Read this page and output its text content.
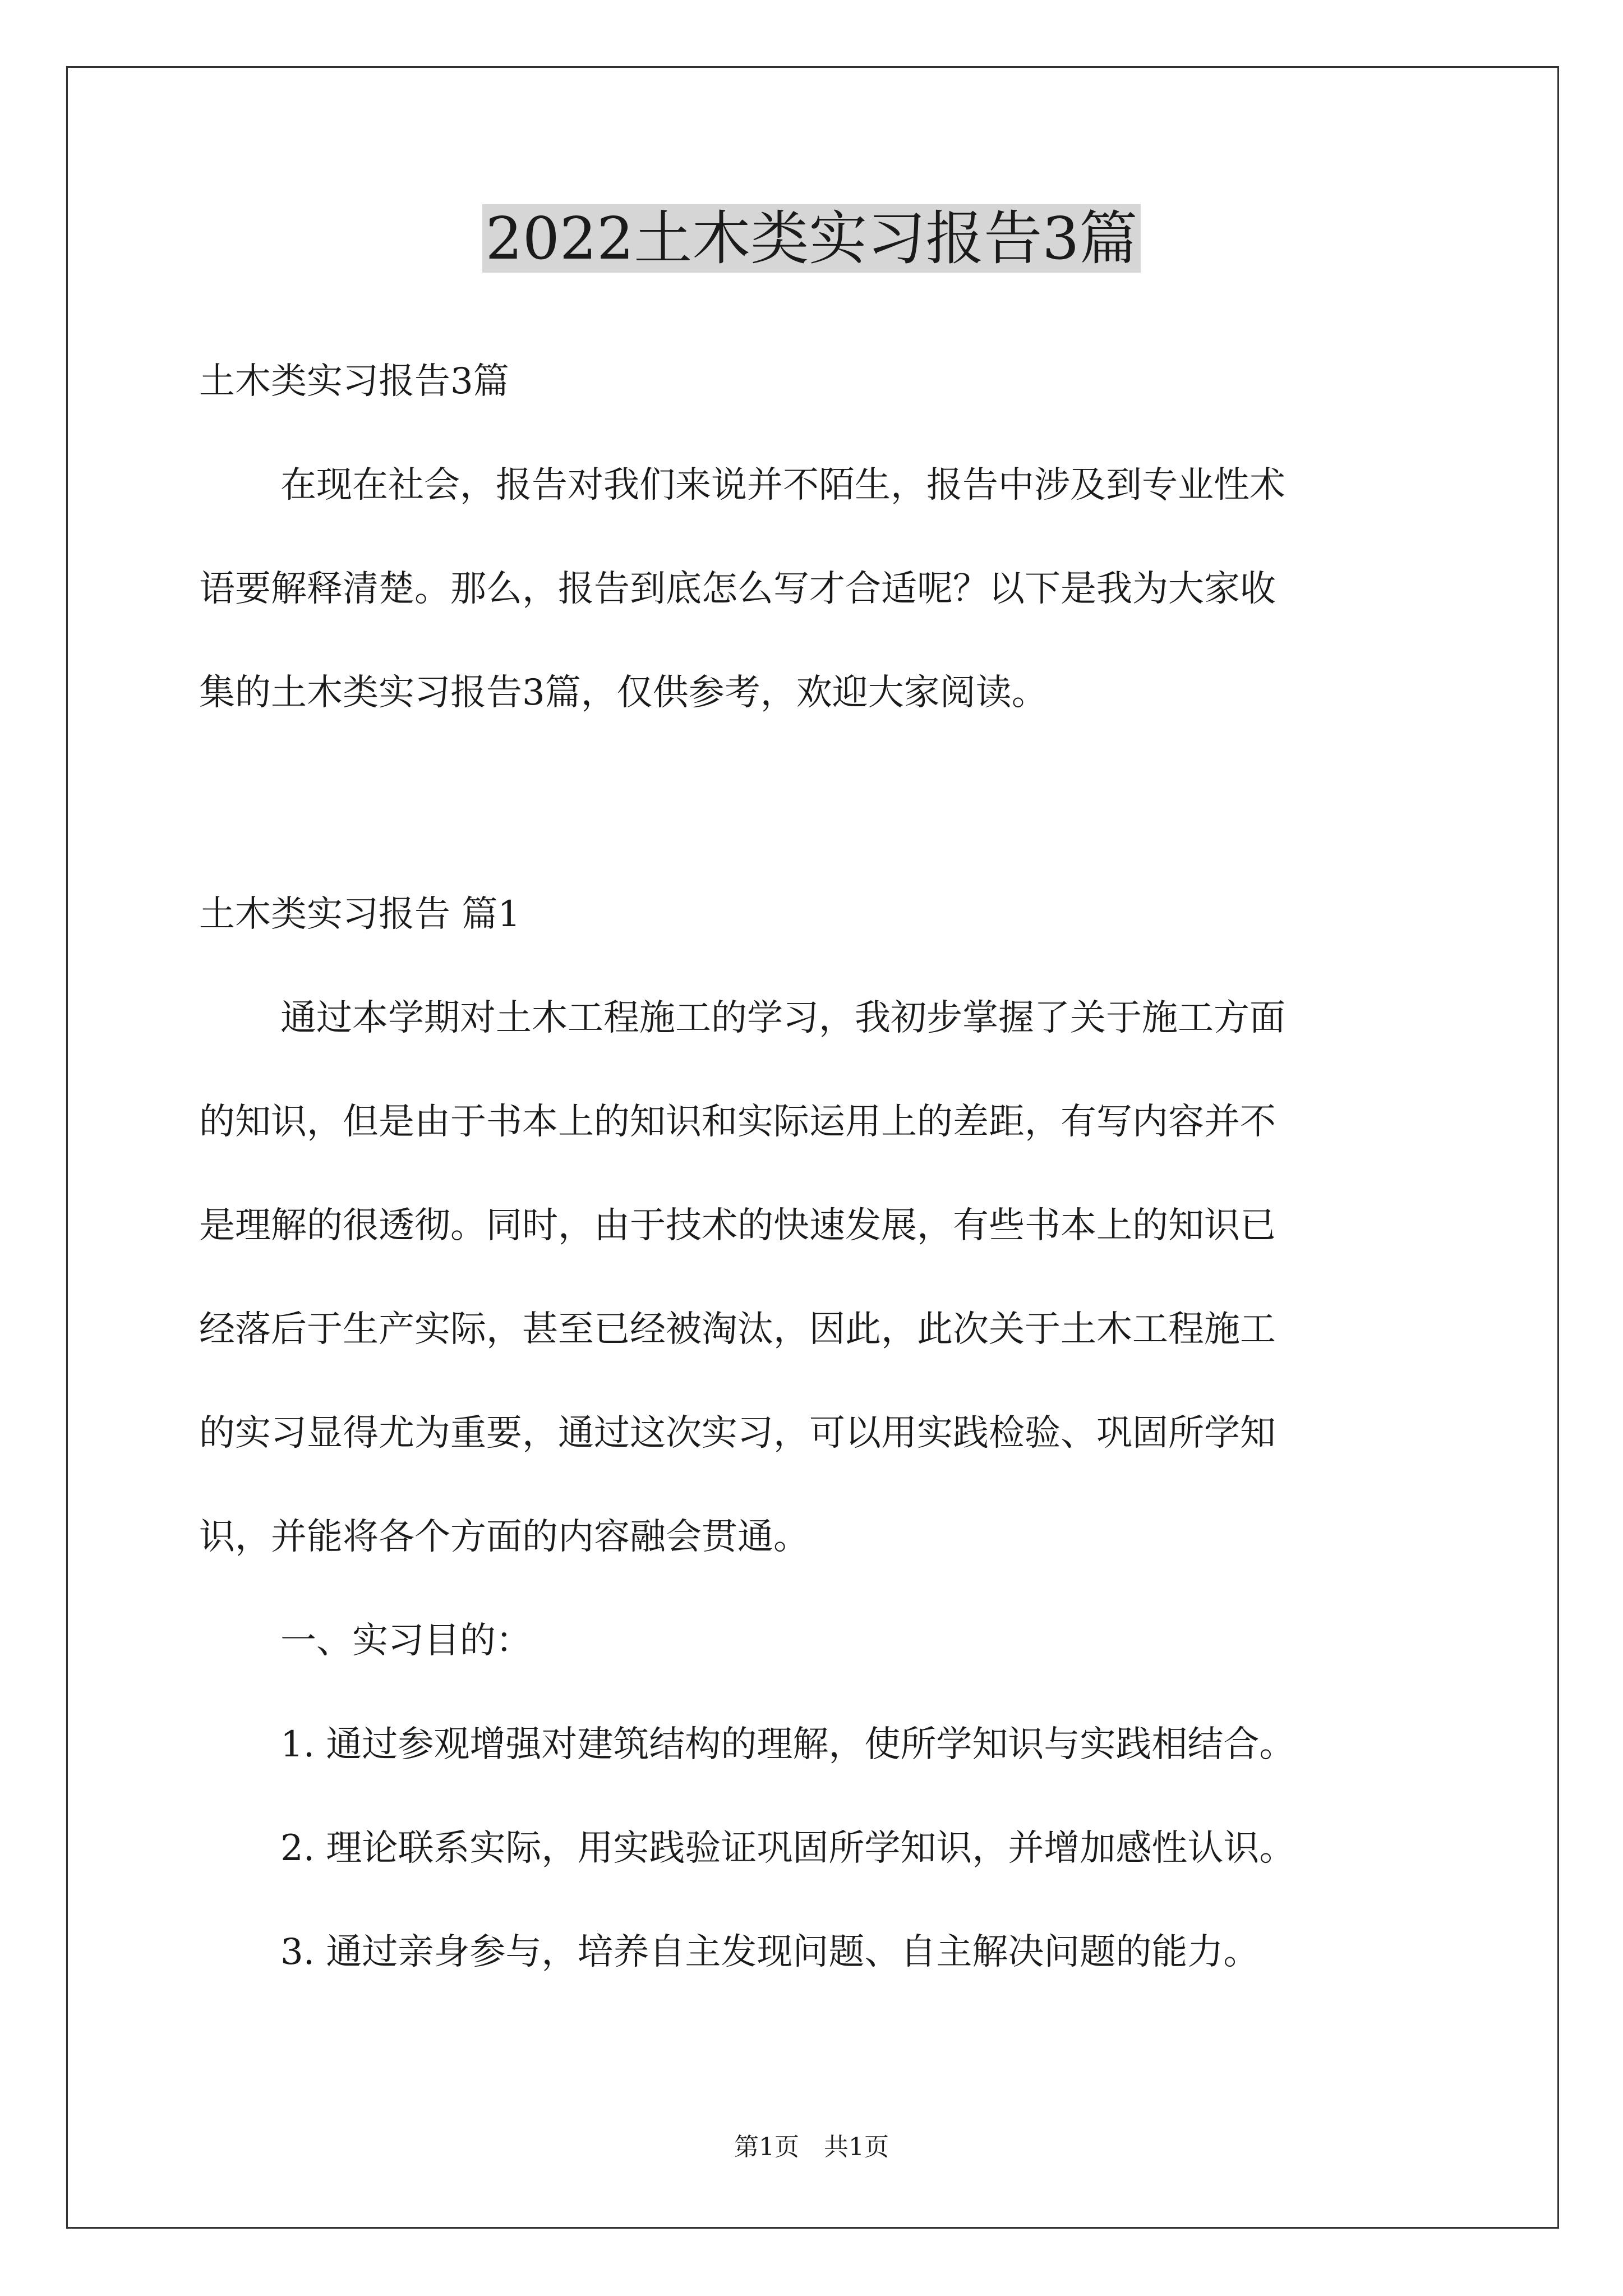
2022土木类实习报告3篇

土木类实习报告3篇

在现在社会，报告对我们来说并不陌生，报告中涉及到专业性术

语要解释清楚。那么，报告到底怎么写才合适呢？以下是我为大家收

集的土木类实习报告3篇，仅供参考，欢迎大家阅读。

土木类实习报告 篇1

通过本学期对土木工程施工的学习，我初步掌握了关于施工方面

的知识，但是由于书本上的知识和实际运用上的差距，有写内容并不

是理解的很透彻。同时，由于技术的快速发展，有些书本上的知识已

经落后于生产实际，甚至已经被淘汰，因此，此次关于土木工程施工

的实习显得尤为重要，通过这次实习，可以用实践检验、巩固所学知

识，并能将各个方面的内容融会贯通。

一、实习目的：

1. 通过参观增强对建筑结构的理解，使所学知识与实践相结合。

2. 理论联系实际，用实践验证巩固所学知识，并增加感性认识。

3. 通过亲身参与，培养自主发现问题、自主解决问题的能力。

第1页　共1页
